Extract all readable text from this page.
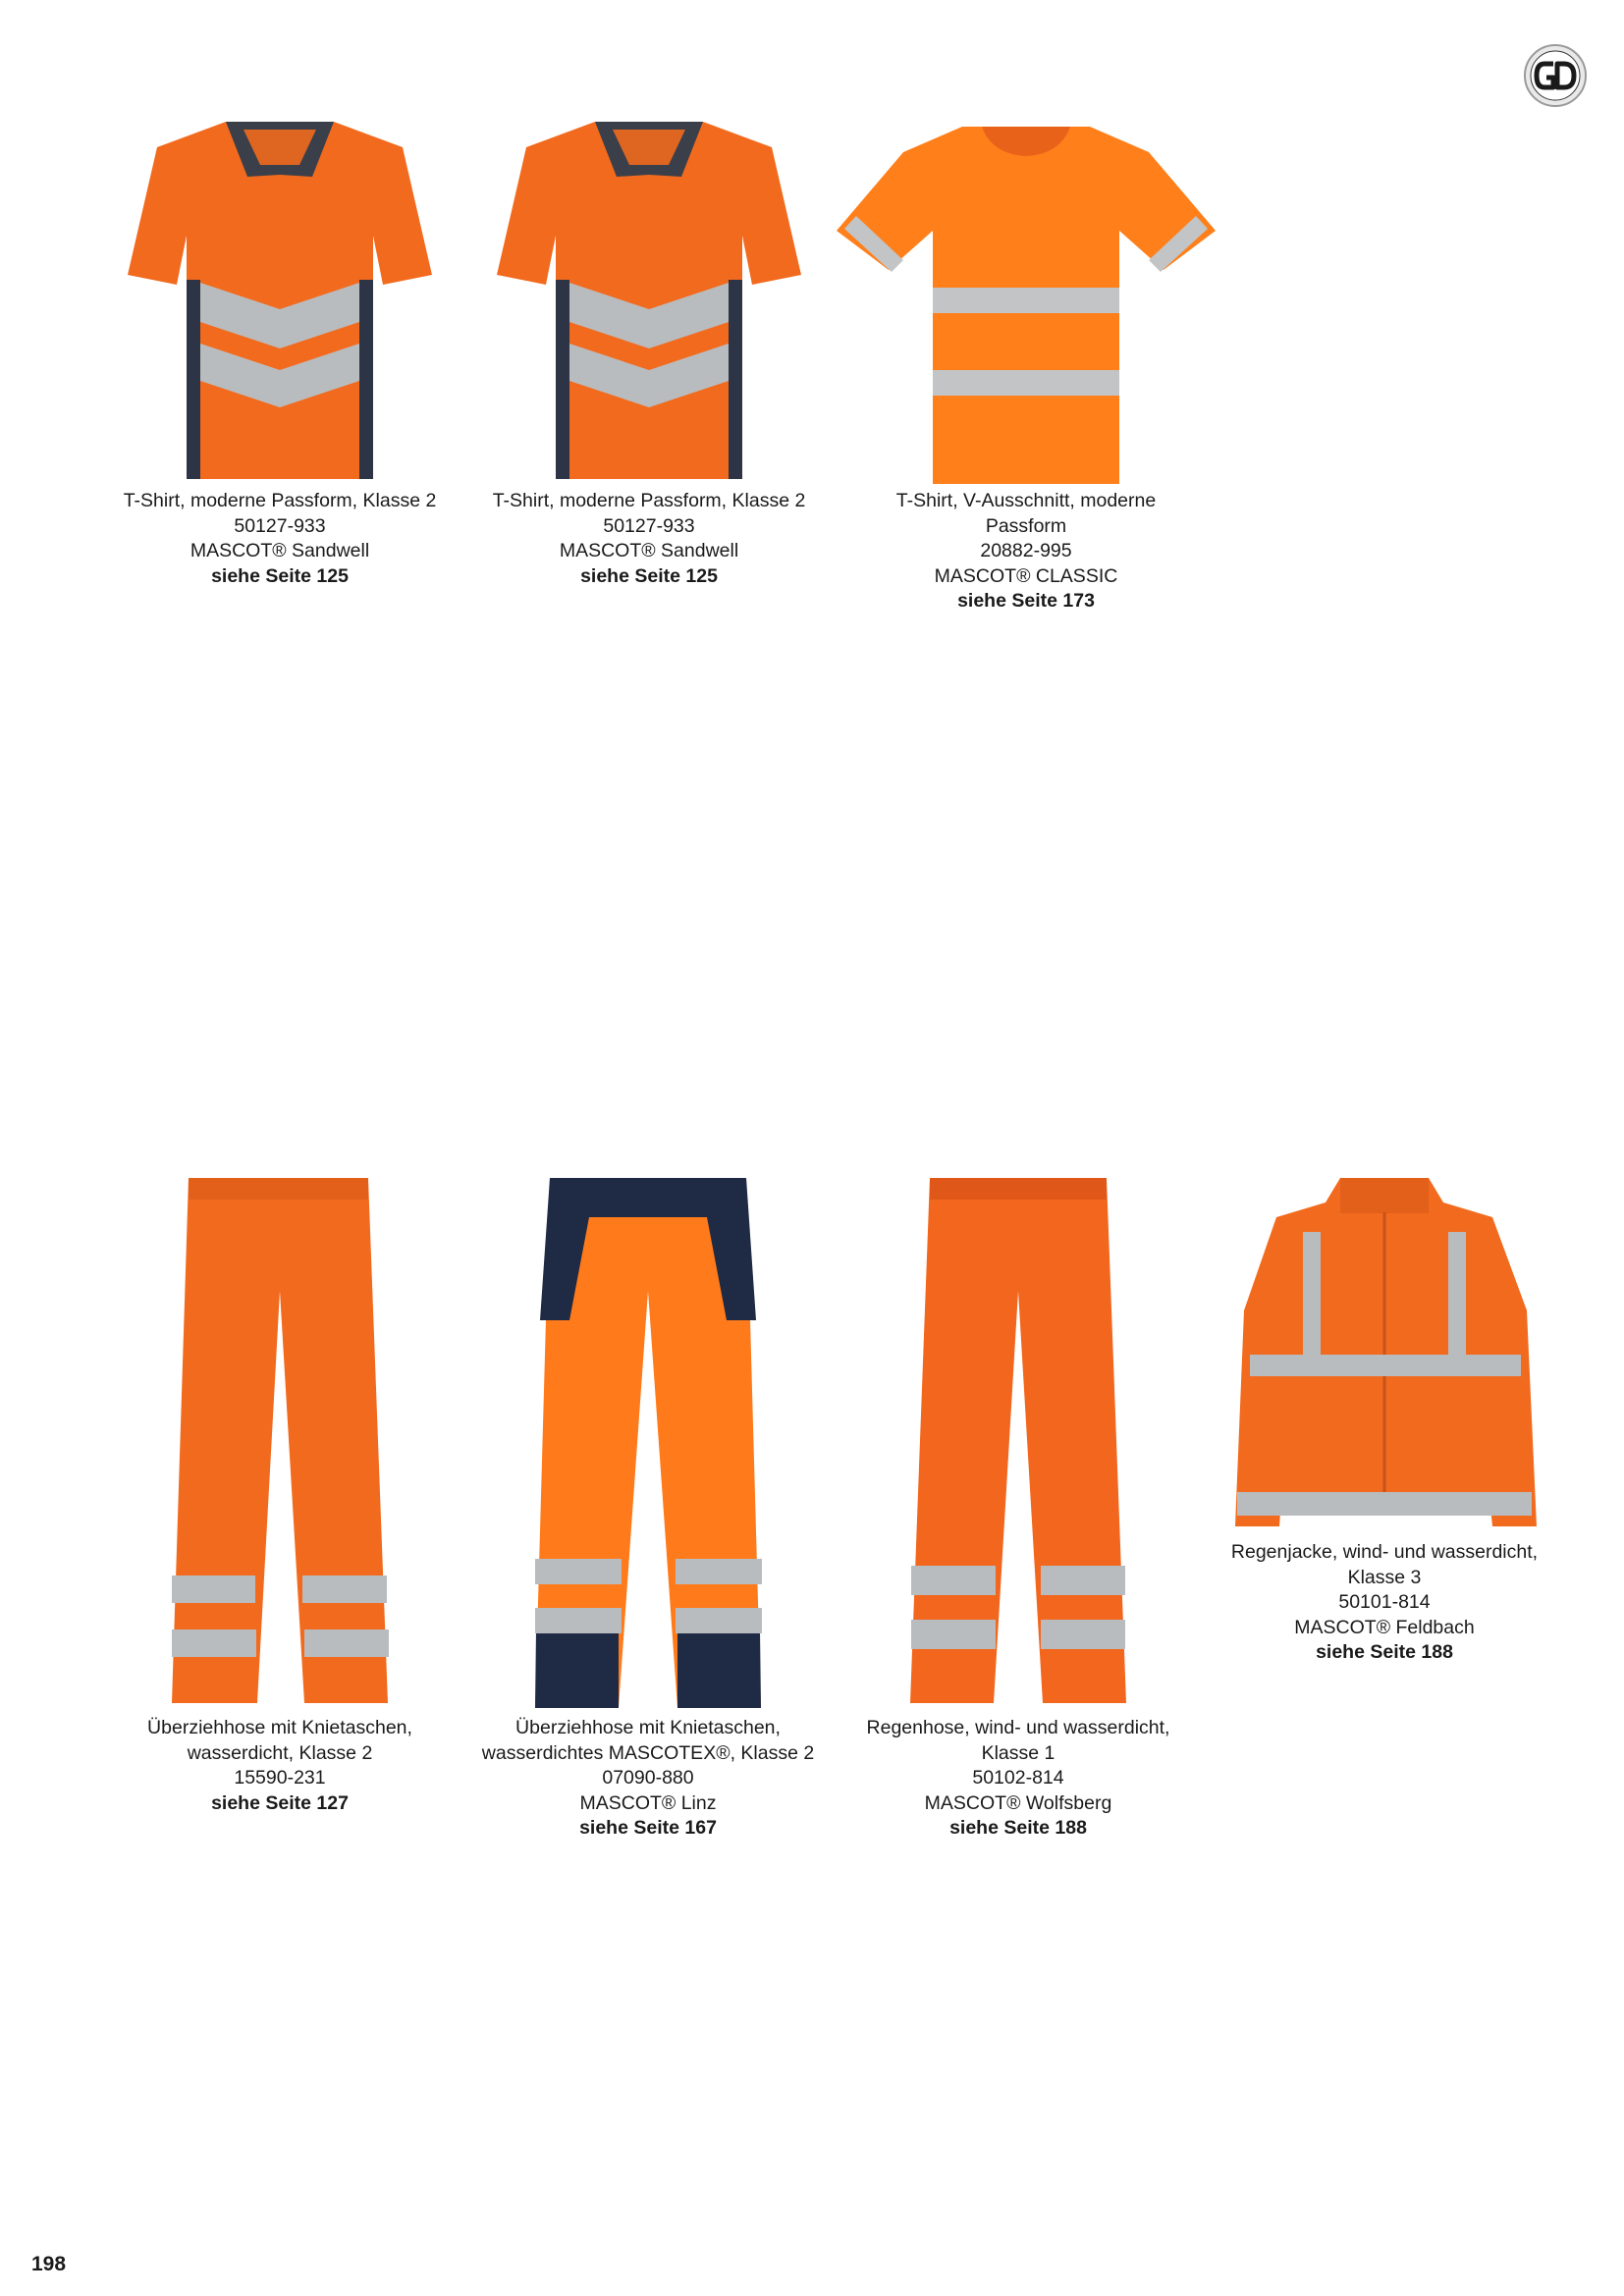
T-Shirt, moderne Passform, Klasse 2
50127-933
MASCOT® Sandwell
siehe Seite 125
T-Shirt, moderne Passform, Klasse 2
50127-933
MASCOT® Sandwell
siehe Seite 125
T-Shirt, V-Ausschnitt, moderne
Passform
20882-995
MASCOT® CLASSIC
siehe Seite 173
Regenjacke, wind- und wasserdicht,
Klasse 3
50101-814
MASCOT® Feldbach
siehe Seite 188
Überziehhose mit Knietaschen,
wasserdicht, Klasse 2
15590-231
siehe Seite 127
Überziehhose mit Knietaschen,
wasserdichtes MASCOTEX®, Klasse 2
07090-880
MASCOT® Linz
siehe Seite 167
Regenhose, wind- und wasserdicht,
Klasse 1
50102-814
MASCOT® Wolfsberg
siehe Seite 188
198
